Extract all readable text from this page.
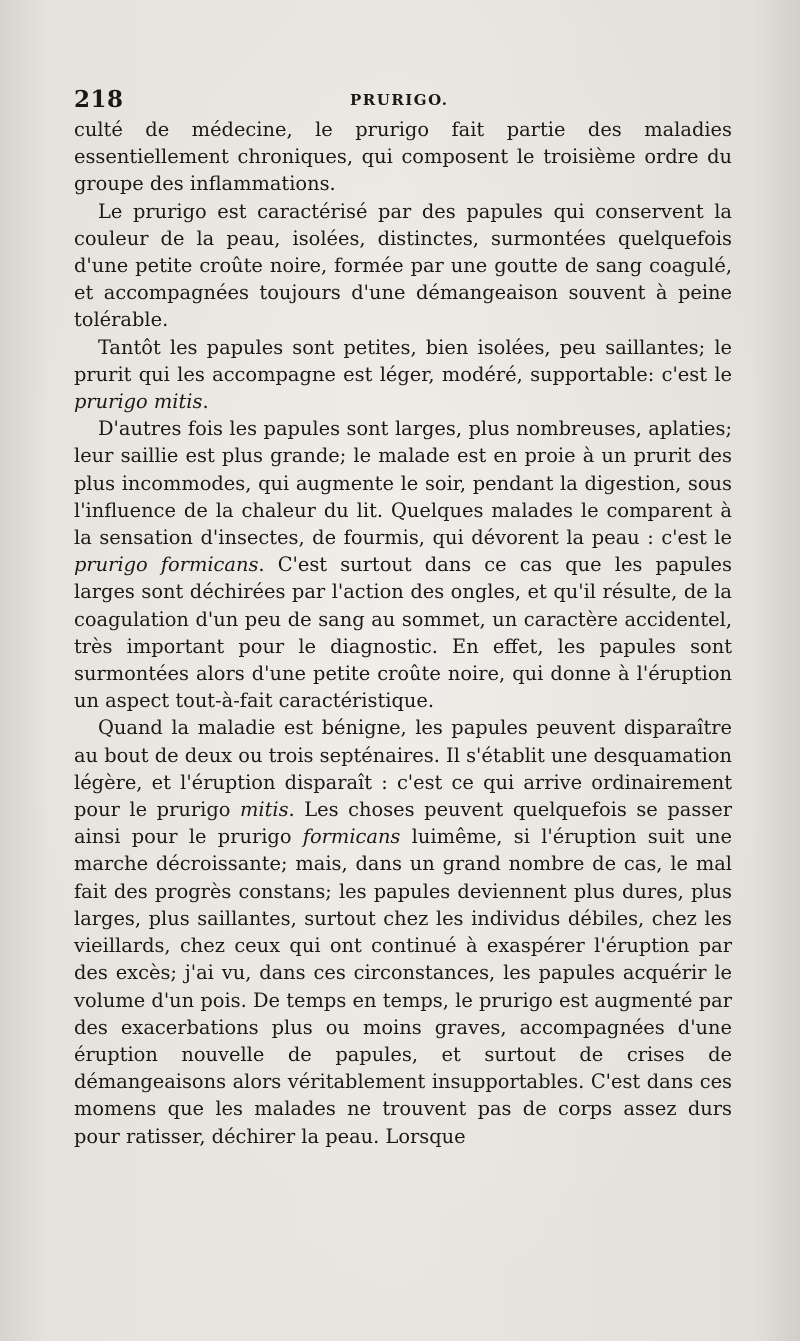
218	PRURIGO.

culté de médecine, le prurigo fait partie des maladies essentiellement chroniques, qui composent le troisième ordre du groupe des inflammations.

Le prurigo est caractérisé par des papules qui conservent la couleur de la peau, isolées, distinctes, surmontées quelquefois d'une petite croûte noire, formée par une goutte de sang coagulé, et accompagnées toujours d'une démangeaison souvent à peine tolérable.

Tantôt les papules sont petites, bien isolées, peu saillantes; le prurit qui les accompagne est léger, modéré, supportable: c'est le prurigo mitis.

D'autres fois les papules sont larges, plus nombreuses, aplaties; leur saillie est plus grande; le malade est en proie à un prurit des plus incommodes, qui augmente le soir, pendant la digestion, sous l'influence de la chaleur du lit. Quelques malades le comparent à la sensation d'insectes, de fourmis, qui dévorent la peau : c'est le prurigo formicans. C'est surtout dans ce cas que les papules larges sont déchirées par l'action des ongles, et qu'il résulte, de la coagulation d'un peu de sang au sommet, un caractère accidentel, très important pour le diagnostic. En effet, les papules sont surmontées alors d'une petite croûte noire, qui donne à l'éruption un aspect tout-à-fait caractéristique.

Quand la maladie est bénigne, les papules peuvent disparaître au bout de deux ou trois septénaires. Il s'établit une desquamation légère, et l'éruption disparaît : c'est ce qui arrive ordinairement pour le prurigo mitis. Les choses peuvent quelquefois se passer ainsi pour le prurigo formicans luimême, si l'éruption suit une marche décroissante; mais, dans un grand nombre de cas, le mal fait des progrès constans; les papules deviennent plus dures, plus larges, plus saillantes, surtout chez les individus débiles, chez les vieillards, chez ceux qui ont continué à exaspérer l'éruption par des excès; j'ai vu, dans ces circonstances, les papules acquérir le volume d'un pois. De temps en temps, le prurigo est augmenté par des exacerbations plus ou moins graves, accompagnées d'une éruption nouvelle de papules, et surtout de crises de démangeaisons alors véritablement insupportables. C'est dans ces momens que les malades ne trouvent pas de corps assez durs pour ratisser, déchirer la peau. Lorsque
